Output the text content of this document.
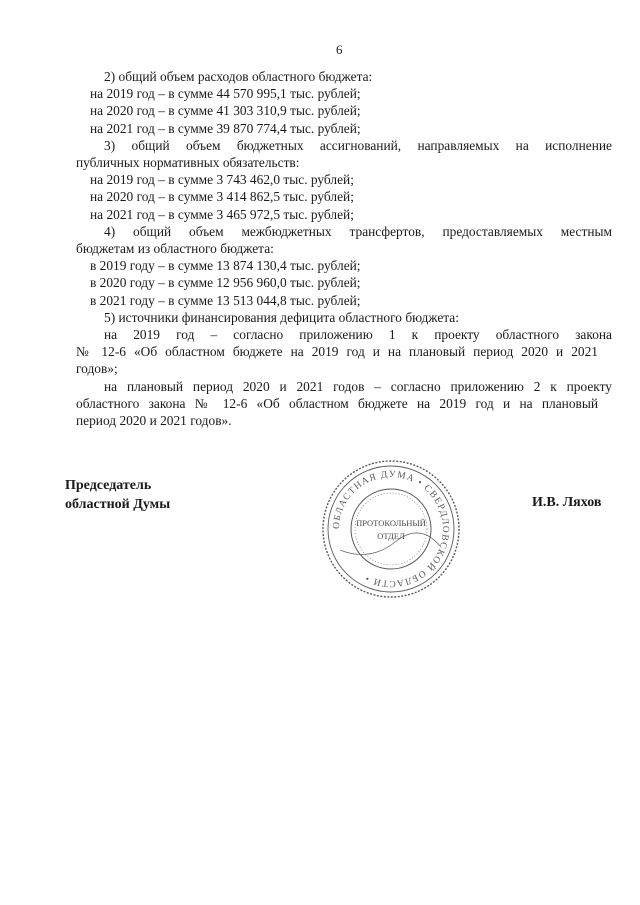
6

2) общий объем расходов областного бюджета:

на 2019 год – в сумме 44 570 995,1 тыс. рублей;

на 2020 год – в сумме 41 303 310,9 тыс. рублей;

на 2021 год – в сумме 39 870 774,4 тыс. рублей;

3) общий объем бюджетных ассигнований, направляемых на исполнение

публичных нормативных обязательств:

на 2019 год – в сумме 3 743 462,0 тыс. рублей;

на 2020 год – в сумме 3 414 862,5 тыс. рублей;

на 2021 год – в сумме 3 465 972,5 тыс. рублей;

4) общий объем межбюджетных трансфертов, предоставляемых местным

бюджетам из областного бюджета:

в 2019 году – в сумме 13 874 130,4 тыс. рублей;

в 2020 году – в сумме 12 956 960,0 тыс. рублей;

в 2021 году – в сумме 13 513 044,8 тыс. рублей;

5) источники финансирования дефицита областного бюджета:

на 2019 год – согласно приложению 1 к проекту областного закона

№ 12-6 «Об областном бюджете на 2019 год и на плановый период 2020 и 2021

годов»;

на плановый период 2020 и 2021 годов – согласно приложению 2 к проекту

областного закона № 12-6 «Об областном бюджете на 2019 год и на плановый

период 2020 и 2021 годов».

Председатель
областной Думы	И.В. Ляхов
ОБЛАСТНАЯ ДУМА • СВЕРДЛОВСКОЙ ОБЛАСТИ •
ПРОТОКОЛЬНЫЙ
ОТДЕЛ
